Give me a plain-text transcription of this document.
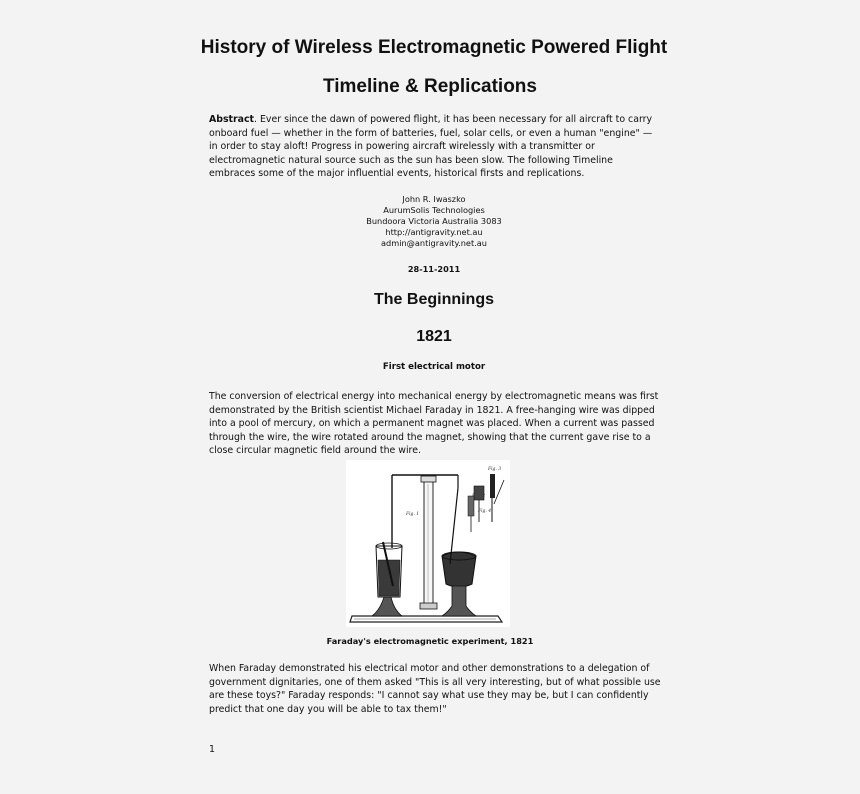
History of Wireless Electromagnetic Powered Flight
Timeline & Replications

Abstract. Ever since the dawn of powered flight, it has been necessary for all aircraft to carry onboard fuel — whether in the form of batteries, fuel, solar cells, or even a human "engine" — in order to stay aloft! Progress in powering aircraft wirelessly with a transmitter or electromagnetic natural source such as the sun has been slow. The following Timeline embraces some of the major influential events, historical firsts and replications.

John R. Iwaszko
AurumSolis Technologies
Bundoora Victoria Australia 3083
http://antigravity.net.au
admin@antigravity.net.au
28-11-2011
The Beginnings
1821
First electrical motor

The conversion of electrical energy into mechanical energy by electromagnetic means was first demonstrated by the British scientist Michael Faraday in 1821. A free-hanging wire was dipped into a pool of mercury, on which a permanent magnet was placed. When a current was passed through the wire, the wire rotated around the magnet, showing that the current gave rise to a close circular magnetic field around the wire.

Fig. 1
Fig. 3
Fig. 4
Faraday's electromagnetic experiment, 1821

When Faraday demonstrated his electrical motor and other demonstrations to a delegation of government dignitaries, one of them asked "This is all very interesting, but of what possible use are these toys?" Faraday responds: "I cannot say what use they may be, but I can confidently predict that one day you will be able to tax them!"

1
